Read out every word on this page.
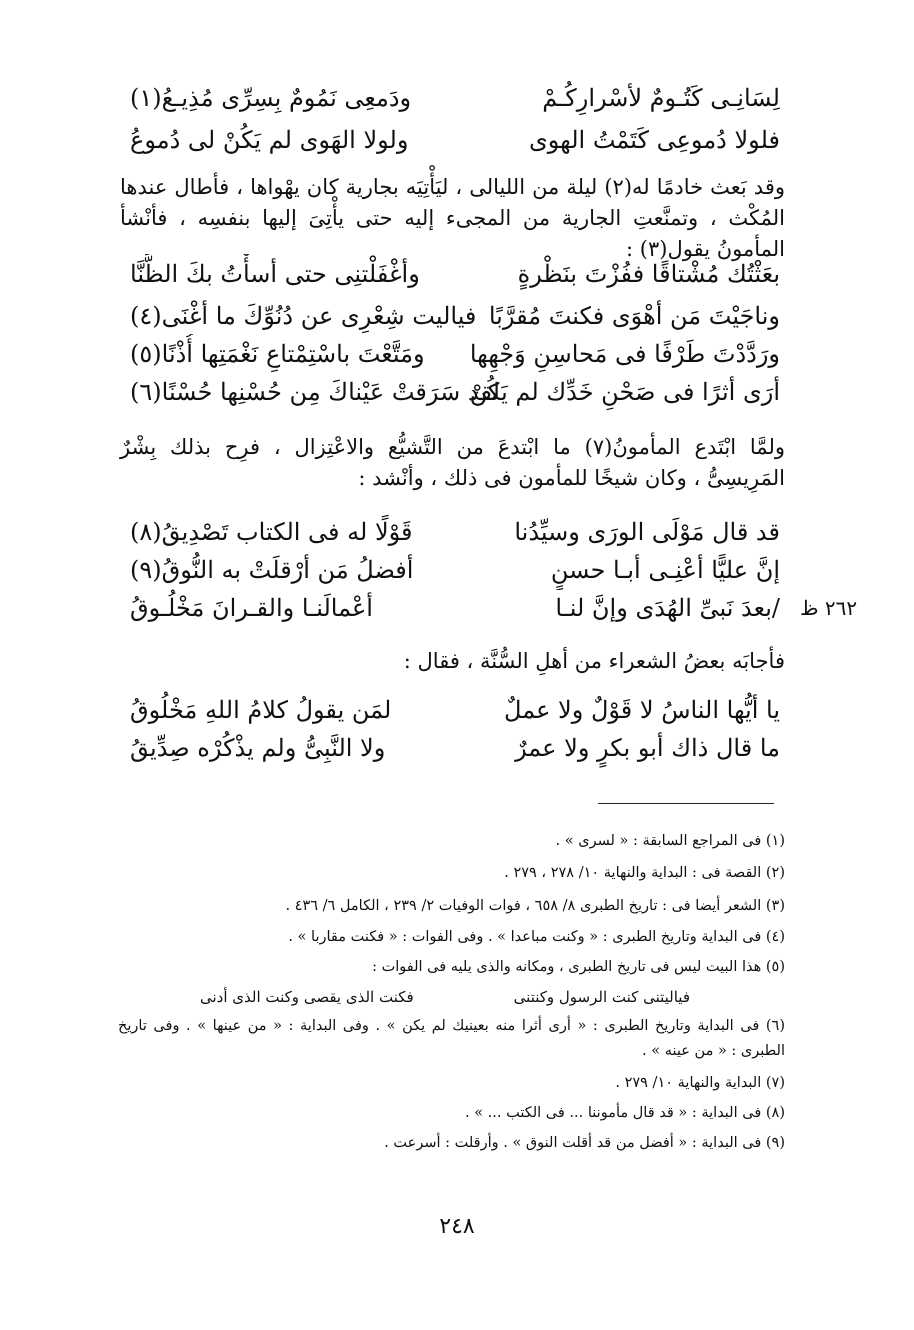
لِسَانِـى كَتُـومٌ لأسْرارِكُـمْ
ودَمعِى نَمُومٌ بِسِرِّى مُذِيـعُ(١)
فلولا دُموعِى كَتَمْتُ الهوى
ولولا الهَوى لم يَكُنْ لى دُموعُ
وقد بَعث خادمًا له(٢) ليلة من الليالى ، ليَأْتِيَه بجارية كان يهْواها ، فأطال عندها المُكْث ، وتمنَّعتِ الجارية من المجىء إليه حتى يأْتِىَ إليها بنفسِه ، فأنْشأ المأمونُ يقول(٣) :
بعَثْتُك مُشْتاقًا ففُزْتَ بنَظْرةٍ
وأغْفَلْتنِى حتى أسأْتُ بكَ الظَّنَّا
وناجَيْتَ مَن أهْوَى فكنتَ مُقرَّبًا
فياليت شِعْرِى عن دُنُوِّكَ ما أغْنَى(٤)
ورَدَّدْتَ طَرْفًا فى مَحاسِنِ وَجْهِها
ومَتَّعْتَ باسْتِمْتاعِ نَغْمَتِها أُذْنًا(٥)
أرَى أثرًا فى صَحْنِ خَدِّك لم يَكُنْ
لقد سَرَقتْ عَيْناكَ مِن حُسْنِها حُسْنًا(٦)
ولمَّا ابْتَدع المأمونُ(٧) ما ابْتدعَ من التَّشيُّع والاعْتِزال ، فرِح بذلك بِشْرٌ المَرِيسِىُّ ، وكان شيخًا للمأمون فى ذلك ، وأنْشد :
قد قال مَوْلَى الورَى وسيِّدُنا
قَوْلًا له فى الكتاب تَصْدِيقُ(٨)
إنَّ عليًّا أعْنِـى أبـا حسنٍ
أفضلُ مَن أرْقلَتْ به النُّوقُ(٩)
/بعدَ نَبىِّ الهُدَى وإنَّ لنـا
أعْمالَنـا والقـرانَ مَخْلُـوقُ	٢٦٢ ظ
فأجابَه بعضُ الشعراء من أهلِ السُّنَّة ، فقال :
يا أيُّها الناسُ لا قَوْلٌ ولا عملٌ
لمَن يقولُ كلامُ اللهِ مَخْلُوقُ
ما قال ذاك أبو بكرٍ ولا عمرٌ
ولا النَّبِىُّ ولم يذْكُرْه صِدِّيقُ
(١) فى المراجع السابقة : « لسرى » .
(٢) القصة فى : البداية والنهاية ١٠/ ٢٧٨ ، ٢٧٩ .
(٣) الشعر أيضا فى : تاريخ الطبرى ٨/ ٦٥٨ ، فوات الوفيات ٢/ ٢٣٩ ، الكامل ٦/ ٤٣٦ .
(٤) فى البداية وتاريخ الطبرى : « وكنت مباعدا » . وفى الفوات : « فكنت مقاربا » .
(٥) هذا البيت ليس فى تاريخ الطبرى ، ومكانه والذى يليه فى الفوات :
فياليتنى كنت الرسول وكنتنى
فكنت الذى يقصى وكنت الذى أدنى
(٦) فى البداية وتاريخ الطبرى : « أرى أثرا منه بعينيك لم يكن » . وفى البداية : « من عينها » . وفى تاريخ الطبرى : « من عينه » .
(٧) البداية والنهاية ١٠/ ٢٧٩ .
(٨) فى البداية : « قد قال مأموننا ... فى الكتب ... » .
(٩) فى البداية : « أفضل من قد أقلت النوق » . وأرقلت : أسرعت .
٢٤٨
